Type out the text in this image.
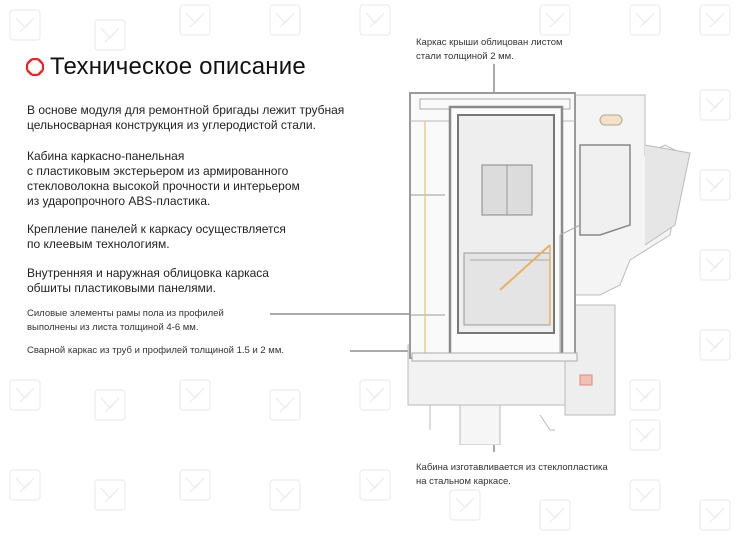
Техническое описание

В основе модуля для ремонтной бригады лежит трубная
цельносварная конструкция из углеродистой стали.

Кабина каркасно-панельная
с пластиковым экстерьером из армированного
стекловолокна высокой прочности и интерьером
из ударопрочного ABS-пластика.

Крепление панелей к каркасу осуществляется
по клеевым технологиям.

Внутренняя и наружная облицовка каркаса
обшиты пластиковыми панелями.

Каркас крыши облицован листом
стали толщиной 2 мм.

Силовые элементы рамы пола из профилей
выполнены из листа толщиной 4-6 мм.

Сварной каркас из труб и профилей толщиной 1.5 и 2 мм.

Кабина изготавливается из стеклопластика
на стальном каркасе.
